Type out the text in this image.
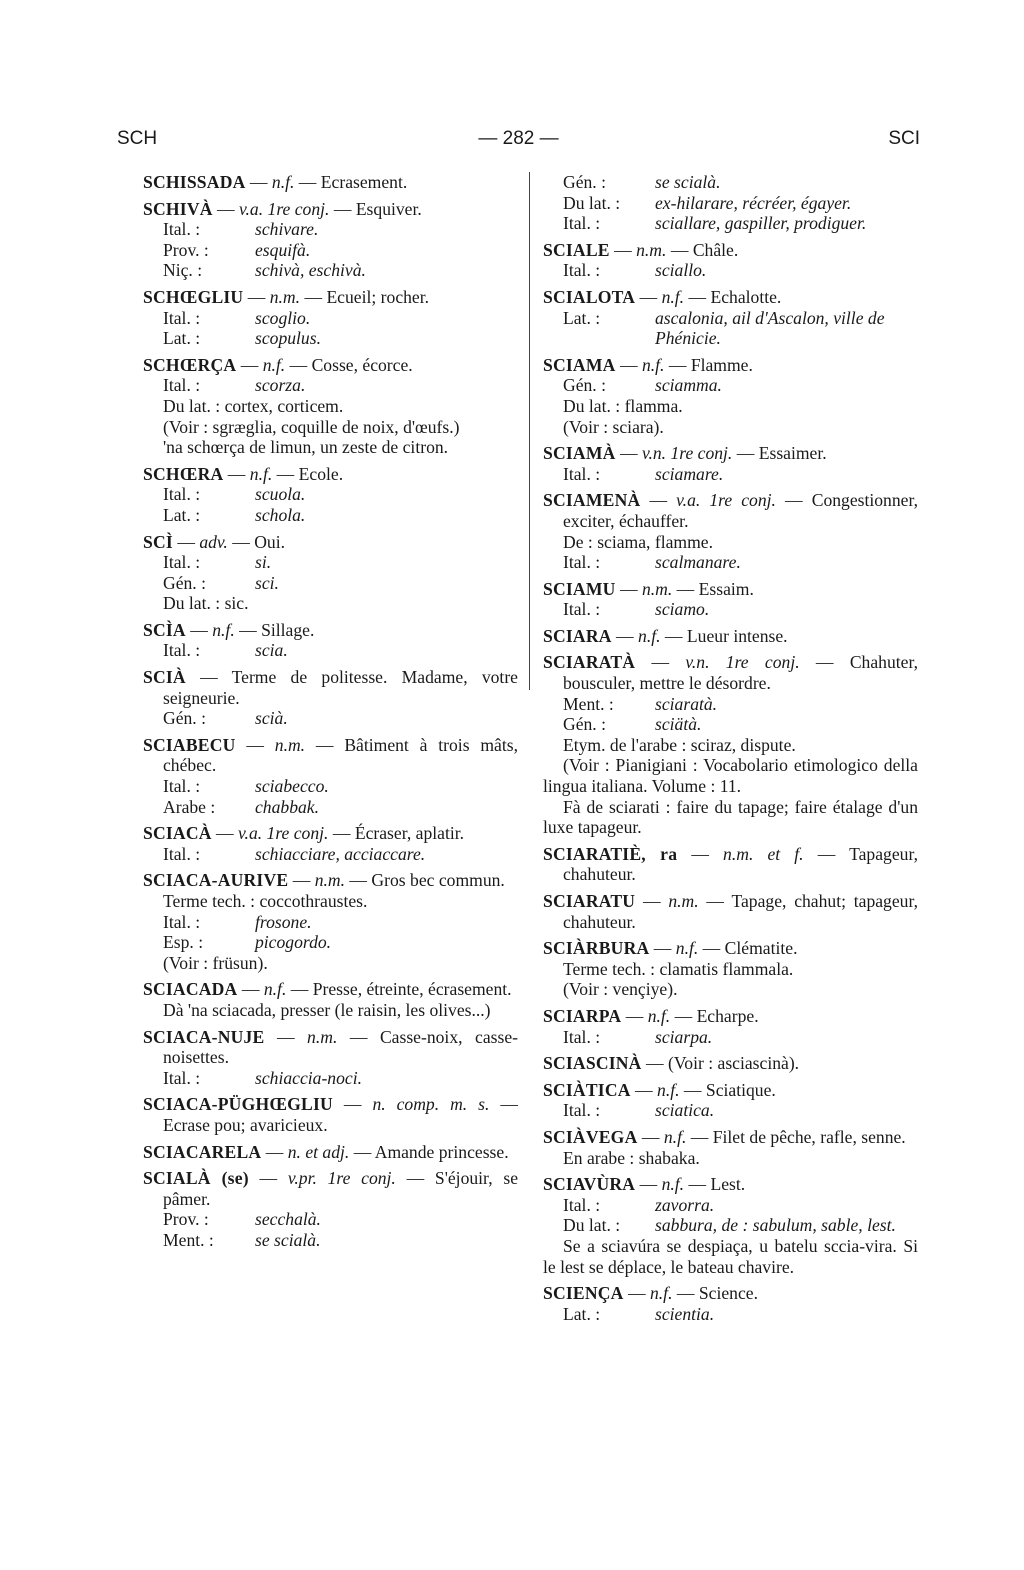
SCH	— 282 —	SCI
SCHISSADA — n.f. — Ecrasement.
SCHIVÀ — v.a. 1re conj. — Esquiver.
Ital. :	schivare.
Prov. :	esquifà.
Niç. :	schivà, eschivà.
SCHŒGLIU — n.m. — Ecueil; rocher.
Ital. :	scoglio.
Lat. :	scopulus.
SCHŒRÇA — n.f. — Cosse, écorce.
Ital. :	scorza.
Du lat. : cortex, corticem.
(Voir : sgræglia, coquille de noix, d'œufs.)
'na schœrça de limun, un zeste de citron.
SCHŒRA — n.f. — Ecole.
Ital. :	scuola.
Lat. :	schola.
SCÌ — adv. — Oui.
Ital. :	si.
Gén. :	sci.
Du lat. : sic.
SCÌA — n.f. — Sillage.
Ital. :	scia.
SCIÀ — Terme de politesse. Madame, votre seigneurie.
Gén. :	scià.
SCIABECU — n.m. — Bâtiment à trois mâts, chébec.
Ital. :	sciabecco.
Arabe :	chabbak.
SCIACÀ — v.a. 1re conj. — Écraser, aplatir.
Ital. :	schiacciare, acciaccare.
SCIACA-AURIVE — n.m. — Gros bec commun.
Terme tech. : coccothraustes.
Ital. :	frosone.
Esp. :	picogordo.
(Voir : früsun).
SCIACADA — n.f. — Presse, étreinte, écrasement.
Dà 'na sciacada, presser (le raisin, les olives...)
SCIACA-NUJE — n.m. — Casse-noix, casse-noisettes.
Ital. :	schiaccia-noci.
SCIACA-PÜGHŒGLIU — n. comp. m. s. — Ecrase pou; avaricieux.
SCIACARELA — n. et adj. — Amande princesse.
SCIALÀ (se) — v.pr. 1re conj. — S'éjouir, se pâmer.
Prov. :	secchalà.
Ment. :	se scialà.
Gén. :	se scialà.
Du lat. :	ex-hilarare, récréer, égayer.
Ital. :	sciallare, gaspiller, prodiguer.
SCIALE — n.m. — Châle.
Ital. :	sciallo.
SCIALOTA — n.f. — Echalotte.
Lat. :	ascalonia, ail d'Ascalon, ville de Phénicie.
SCIAMA — n.f. — Flamme.
Gén. :	sciamma.
Du lat. : flamma.
(Voir : sciara).
SCIAMÀ — v.n. 1re conj. — Essaimer.
Ital. :	sciamare.
SCIAMENÀ — v.a. 1re conj. — Congestionner, exciter, échauffer.
De : sciama, flamme.
Ital. :	scalmanare.
SCIAMU — n.m. — Essaim.
Ital. :	sciamo.
SCIARA — n.f. — Lueur intense.
SCIARATÀ — v.n. 1re conj. — Chahuter, bousculer, mettre le désordre.
Ment. :	sciaratà.
Gén. :	sciätà.
Etym. de l'arabe : sciraz, dispute.
(Voir : Pianigiani : Vocabolario etimologico della lingua italiana. Volume : 11.
Fà de sciarati : faire du tapage; faire étalage d'un luxe tapageur.
SCIARATIÈ, ra — n.m. et f. — Tapageur, chahuteur.
SCIARATU — n.m. — Tapage, chahut; tapageur, chahuteur.
SCIÀRBURA — n.f. — Clématite.
Terme tech. : clamatis flammala.
(Voir : vençiye).
SCIARPA — n.f. — Echarpe.
Ital. :	sciarpa.
SCIASCINÀ — (Voir : asciascinà).
SCIÀTICA — n.f. — Sciatique.
Ital. :	sciatica.
SCIÀVEGA — n.f. — Filet de pêche, rafle, senne.
En arabe : shabaka.
SCIAVÙRA — n.f. — Lest.
Ital. :	zavorra.
Du lat. :	sabbura, de : sabulum, sable, lest.
Se a sciavúra se despiaça, u batelu sccia-vira. Si le lest se déplace, le bateau chavire.
SCIENÇA — n.f. — Science.
Lat. :	scientia.
